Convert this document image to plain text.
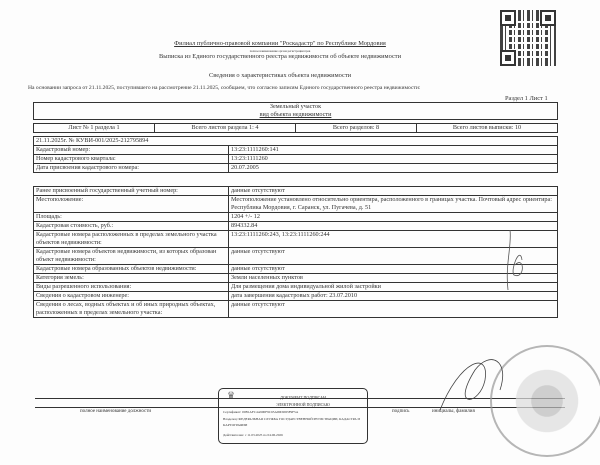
Филиал публично-правовой компании "Роскадастр" по Республике Мордовия
полное наименование органа регистрации прав
Выписка из Единого государственного реестра недвижимости об объекте недвижимости
Сведения о характеристиках объекта недвижимости
На основании запроса от 21.11.2025, поступившего на рассмотрение 21.11.2025, сообщаем, что согласно записям Единого государственного реестра недвижимости:
Раздел 1 Лист 1
Земельный участок
вид объекта недвижимости
Лист № 1 раздела 1	Всего листов раздела 1: 4	Всего разделов: 8	Всего листов выписки: 10
21.11.2025г. № КУВИ-001/2025-212795894	
Кадастровый номер:	13:23:1111260:141
Номер кадастрового квартала:	13:23:1111260
Дата присвоения кадастрового номера:	20.07.2005
Ранее присвоенный государственный учетный номер:	данные отсутствуют
Местоположение:	Местоположение установлено относительно ориентира, расположенного в границах участка. Почтовый адрес ориентира: Республика Мордовия, г. Саранск, ул. Пугачева, д. 51
Площадь:	1204 +/- 12
Кадастровая стоимость, руб.:	894332.84
Кадастровые номера расположенных в пределах земельного участка объектов недвижимости:	13:23:1111260:243, 13:23:1111260:244
Кадастровые номера объектов недвижимости, из которых образован объект недвижимости:	данные отсутствуют
Кадастровые номера образованных объектов недвижимости:	данные отсутствуют
Категория земель:	Земли населенных пунктов
Виды разрешенного использования:	Для размещения дома индивидуальной жилой застройки
Сведения о кадастровом инженере:	дата завершения кадастровых работ: 23.07.2010
Сведения о лесах, водных объектах и об иных природных объектах, расположенных в пределах земельного участка:	данные отсутствуют
полное наименование должности
♛	ДОКУМЕНТ ПОДПИСАН
ЭЛЕКТРОННОЙ ПОДПИСЬЮ
Сертификат: 00B1AFC4A900F9C65A00D9D3F9F5A
Владелец: ФЕДЕРАЛЬНАЯ СЛУЖБА ГОСУДАРСТВЕННОЙ РЕГИСТРАЦИИ, КАДАСТРА И КАРТОГРАФИИ
Действителен: с 11.03.2025 по 04.06.2026
подпись	инициалы, фамилия
